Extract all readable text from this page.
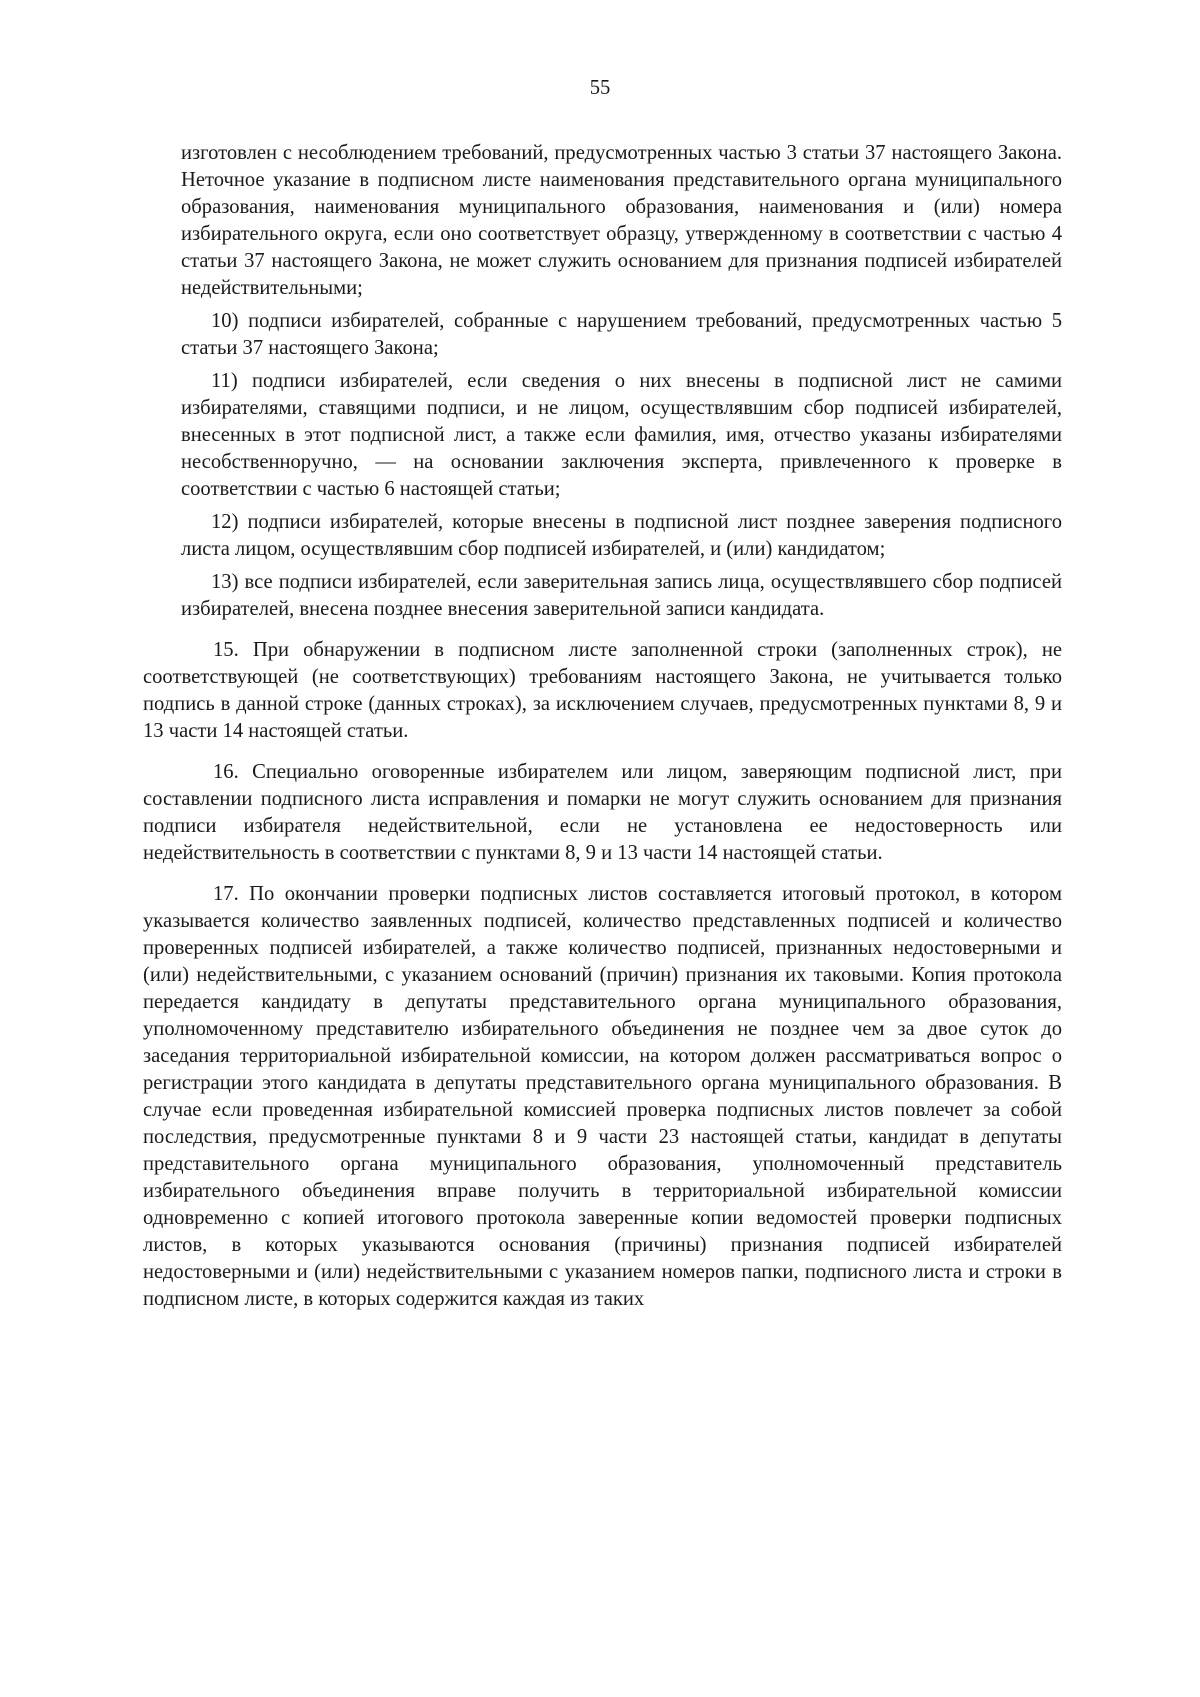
55

изготовлен с несоблюдением требований, предусмотренных частью 3 статьи 37 настоящего Закона. Неточное указание в подписном листе наименования представительного органа муниципального образования, наименования муниципального образования, наименования и (или) номера избирательного округа, если оно соответствует образцу, утвержденному в соответствии с частью 4 статьи 37 настоящего Закона, не может служить основанием для признания подписей избирателей недействительными;

10) подписи избирателей, собранные с нарушением требований, предусмотренных частью 5 статьи 37 настоящего Закона;

11) подписи избирателей, если сведения о них внесены в подписной лист не самими избирателями, ставящими подписи, и не лицом, осуществлявшим сбор подписей избирателей, внесенных в этот подписной лист, а также если фамилия, имя, отчество указаны избирателями несобственноручно, — на основании заключения эксперта, привлеченного к проверке в соответствии с частью 6 настоящей статьи;

12) подписи избирателей, которые внесены в подписной лист позднее заверения подписного листа лицом, осуществлявшим сбор подписей избирателей, и (или) кандидатом;

13) все подписи избирателей, если заверительная запись лица, осуществлявшего сбор подписей избирателей, внесена позднее внесения заверительной записи кандидата.

15. При обнаружении в подписном листе заполненной строки (заполненных строк), не соответствующей (не соответствующих) требованиям настоящего Закона, не учитывается только подпись в данной строке (данных строках), за исключением случаев, предусмотренных пунктами 8, 9 и 13 части 14 настоящей статьи.

16. Специально оговоренные избирателем или лицом, заверяющим подписной лист, при составлении подписного листа исправления и помарки не могут служить основанием для признания подписи избирателя недействительной, если не установлена ее недостоверность или недействительность в соответствии с пунктами 8, 9 и 13 части 14 настоящей статьи.

17. По окончании проверки подписных листов составляется итоговый протокол, в котором указывается количество заявленных подписей, количество представленных подписей и количество проверенных подписей избирателей, а также количество подписей, признанных недостоверными и (или) недействительными, с указанием оснований (причин) признания их таковыми. Копия протокола передается кандидату в депутаты представительного органа муниципального образования, уполномоченному представителю избирательного объединения не позднее чем за двое суток до заседания территориальной избирательной комиссии, на котором должен рассматриваться вопрос о регистрации этого кандидата в депутаты представительного органа муниципального образования. В случае если проведенная избирательной комиссией проверка подписных листов повлечет за собой последствия, предусмотренные пунктами 8 и 9 части 23 настоящей статьи, кандидат в депутаты представительного органа муниципального образования, уполномоченный представитель избирательного объединения вправе получить в территориальной избирательной комиссии одновременно с копией итогового протокола заверенные копии ведомостей проверки подписных листов, в которых указываются основания (причины) признания подписей избирателей недостоверными и (или) недействительными с указанием номеров папки, подписного листа и строки в подписном листе, в которых содержится каждая из таких
